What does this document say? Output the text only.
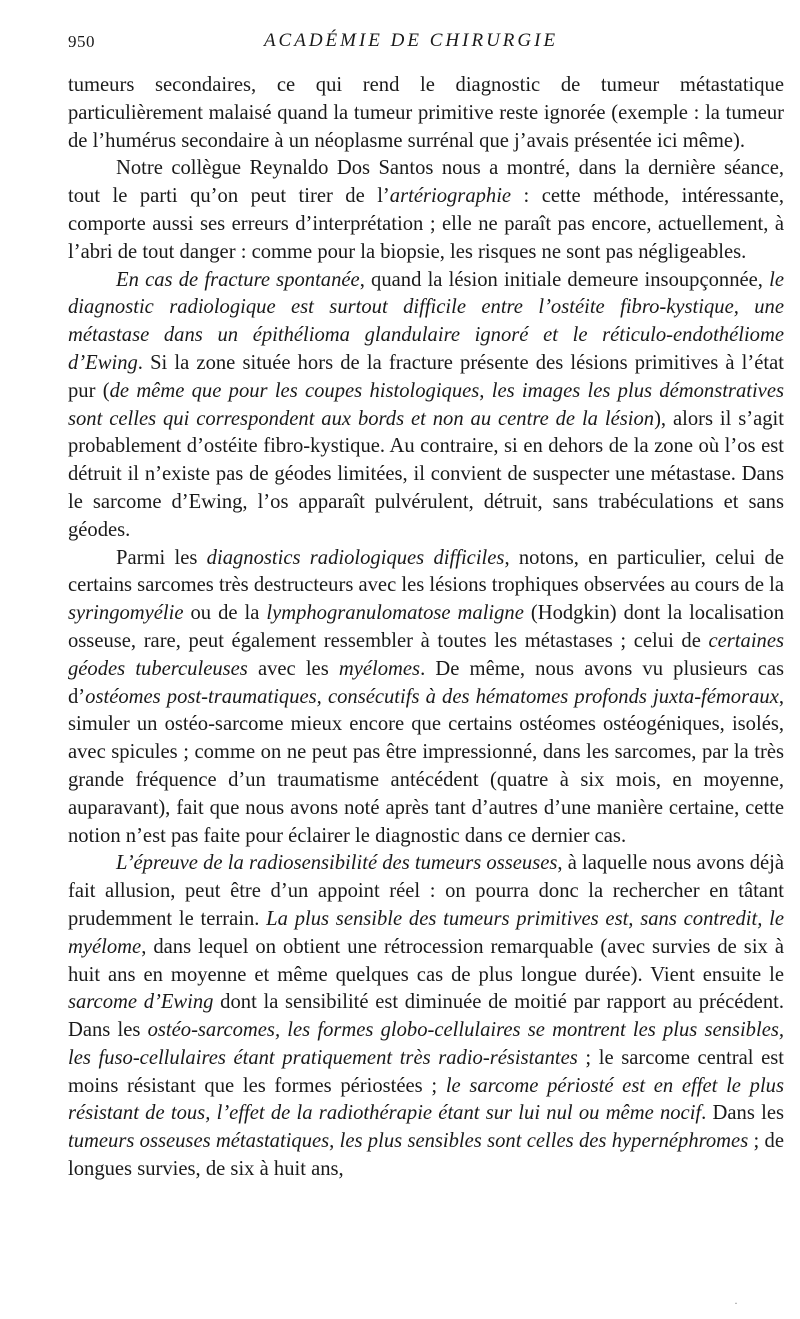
950	ACADÉMIE DE CHIRURGIE

tumeurs secondaires, ce qui rend le diagnostic de tumeur métastatique particulièrement malaisé quand la tumeur primitive reste ignorée (exemple : la tumeur de l’humérus secondaire à un néoplasme surrénal que j’avais présentée ici même).

Notre collègue Reynaldo Dos Santos nous a montré, dans la dernière séance, tout le parti qu’on peut tirer de l’artériographie : cette méthode, intéressante, comporte aussi ses erreurs d’interprétation ; elle ne paraît pas encore, actuellement, à l’abri de tout danger : comme pour la biopsie, les risques ne sont pas négligeables.

En cas de fracture spontanée, quand la lésion initiale demeure insoupçonnée, le diagnostic radiologique est surtout difficile entre l’ostéite fibro-kystique, une métastase dans un épithélioma glandulaire ignoré et le réticulo-endothéliome d’Ewing. Si la zone située hors de la fracture présente des lésions primitives à l’état pur (de même que pour les coupes histologiques, les images les plus démonstratives sont celles qui correspondent aux bords et non au centre de la lésion), alors il s’agit probablement d’ostéite fibro-kystique. Au contraire, si en dehors de la zone où l’os est détruit il n’existe pas de géodes limitées, il convient de suspecter une métastase. Dans le sarcome d’Ewing, l’os apparaît pulvérulent, détruit, sans trabéculations et sans géodes.

Parmi les diagnostics radiologiques difficiles, notons, en particulier, celui de certains sarcomes très destructeurs avec les lésions trophiques observées au cours de la syringomyélie ou de la lymphogranulomatose maligne (Hodgkin) dont la localisation osseuse, rare, peut également ressembler à toutes les métastases ; celui de certaines géodes tuberculeuses avec les myélomes. De même, nous avons vu plusieurs cas d’ostéomes post-traumatiques, consécutifs à des hématomes profonds juxta-fémoraux, simuler un ostéo-sarcome mieux encore que certains ostéomes ostéogéniques, isolés, avec spicules ; comme on ne peut pas être impressionné, dans les sarcomes, par la très grande fréquence d’un traumatisme antécédent (quatre à six mois, en moyenne, auparavant), fait que nous avons noté après tant d’autres d’une manière certaine, cette notion n’est pas faite pour éclairer le diagnostic dans ce dernier cas.

L’épreuve de la radiosensibilité des tumeurs osseuses, à laquelle nous avons déjà fait allusion, peut être d’un appoint réel : on pourra donc la rechercher en tâtant prudemment le terrain. La plus sensible des tumeurs primitives est, sans contredit, le myélome, dans lequel on obtient une rétrocession remarquable (avec survies de six à huit ans en moyenne et même quelques cas de plus longue durée). Vient ensuite le sarcome d’Ewing dont la sensibilité est diminuée de moitié par rapport au précédent. Dans les ostéo-sarcomes, les formes globo-cellulaires se montrent les plus sensibles, les fuso-cellulaires étant pratiquement très radio-résistantes ; le sarcome central est moins résistant que les formes périostées ; le sarcome périosté est en effet le plus résistant de tous, l’effet de la radiothérapie étant sur lui nul ou même nocif. Dans les tumeurs osseuses métastatiques, les plus sensibles sont celles des hypernéphromes ; de longues survies, de six à huit ans,

·
